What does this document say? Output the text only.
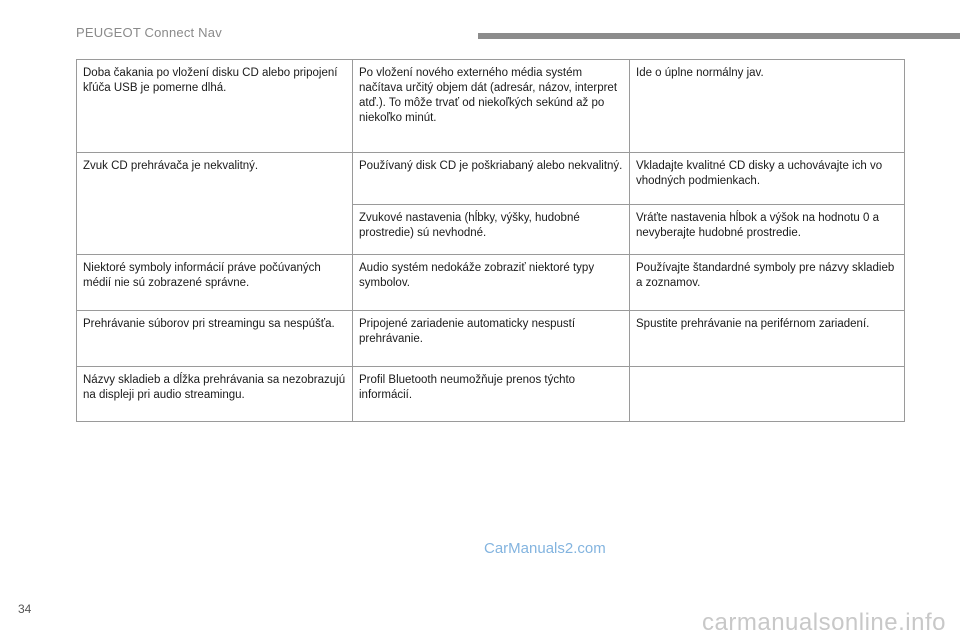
PEUGEOT Connect Nav
Doba čakania po vložení disku CD alebo pripojení kľúča USB je pomerne dlhá.	Po vložení nového externého média systém načítava určitý objem dát (adresár, názov, interpret atď.). To môže trvať od niekoľkých sekúnd až po niekoľko minút.	Ide o úplne normálny jav.
Zvuk CD prehrávača je nekvalitný.	Používaný disk CD je poškriabaný alebo nekvalitný.	Vkladajte kvalitné CD disky a uchovávajte ich vo vhodných podmienkach.
	Zvukové nastavenia (hĺbky, výšky, hudobné prostredie) sú nevhodné.	Vráťte nastavenia hĺbok a výšok na hodnotu 0 a nevyberajte hudobné prostredie.
Niektoré symboly informácií práve počúvaných médií nie sú zobrazené správne.	Audio systém nedokáže zobraziť niektoré typy symbolov.	Používajte štandardné symboly pre názvy skladieb a zoznamov.
Prehrávanie súborov pri streamingu sa nespúšťa.	Pripojené zariadenie automaticky nespustí prehrávanie.	Spustite prehrávanie na periférnom zariadení.
Názvy skladieb a dĺžka prehrávania sa nezobrazujú na displeji pri audio streamingu.	Profil Bluetooth neumožňuje prenos týchto informácií.	
CarManuals2.com
34	carmanualsonline.info
